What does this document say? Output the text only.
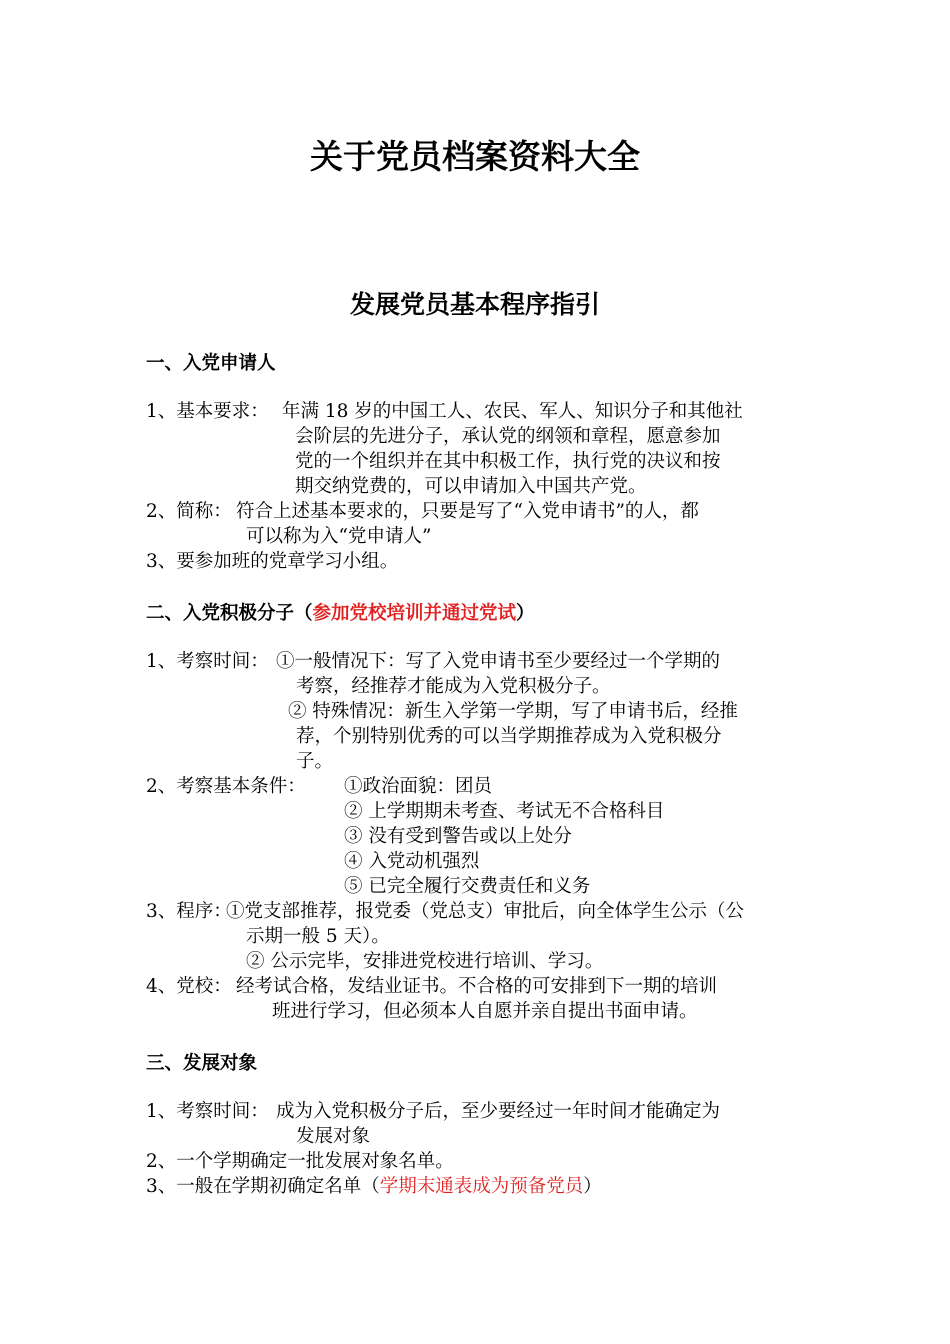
关于党员档案资料大全
发展党员基本程序指引
一、入党申请人
1、基本要求： 年满 18 岁的中国工人、农民、军人、知识分子和其他社
会阶层的先进分子，承认党的纲领和章程，愿意参加
党的一个组织并在其中积极工作，执行党的决议和按
期交纳党费的，可以申请加入中国共产党。
2、简称： 符合上述基本要求的，只要是写了“入党申请书”的人，都
可以称为入“党申请人”
3、要参加班的党章学习小组。
二、入党积极分子（参加党校培训并通过党试）
1、考察时间： ①一般情况下：写了入党申请书至少要经过一个学期的
考察，经推荐才能成为入党积极分子。
② 特殊情况：新生入学第一学期，写了申请书后，经推
荐，个别特别优秀的可以当学期推荐成为入党积极分
子。
2、考察基本条件： ①政治面貌：团员
② 上学期期未考查、考试无不合格科目
③ 没有受到警告或以上处分
④ 入党动机强烈
⑤ 已完全履行交费责任和义务
3、程序：
①党支部推荐，报党委（党总支）审批后，向全体学生公示（公
示期一般 5 天）。
② 公示完毕，安排进党校进行培训、学习。
4、党校： 经考试合格，发结业证书。不合格的可安排到下一期的培训
班进行学习，但必须本人自愿并亲自提出书面申请。
三、发展对象
1、考察时间： 成为入党积极分子后，至少要经过一年时间才能确定为
发展对象
2、一个学期确定一批发展对象名单。
3、一般在学期初确定名单（学期末通表成为预备党员）
